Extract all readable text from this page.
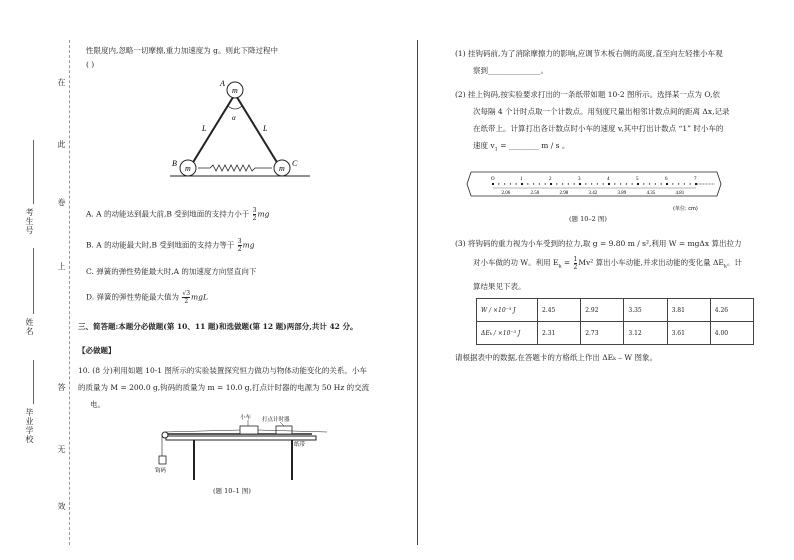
在
此
卷
上
答
无
效
考生号
姓名
毕业学校
性限度内,忽略一切摩擦,重力加速度为 g。则此下降过程中
( )
m
m	m
A
B	C
α
L	L
A. A 的动能达到最大前,B 受到地面的支持力小于 $\frac{3}{2}$ mg
B. A 的动能最大时,B 受到地面的支持力等于 $\frac{3}{2}$ mg
C. 弹簧的弹性势能最大时,A 的加速度方向竖直向下
D. 弹簧的弹性势能最大值为 $\frac{√3}{2}$ mgL
三、简答题:本题分必做题(第 10、11 题)和选做题(第 12 题)两部分,共计 42 分。
【必做题】
10. (8 分)利用如题 10-1 图所示的实验装置探究恒力做功与物体动能变化的关系。小车
的质量为 M = 200.0 g,钩码的质量为 m = 10.0 g,打点计时器的电源为 50 Hz 的交流
电。
小车 打点计时器
纸带
钩码
(题 10–1 图)
(1) 挂钩码前,为了消除摩擦力的影响,应调节木板右侧的高度,直至向左轻推小车观
察到______________。
(2) 挂上钩码,按实验要求打出的一条纸带如题 10-2 图所示。选择某一点为 O,依
次每隔 4 个计时点取一个计数点。用刻度尺量出相邻计数点间的距离 Δx,记录
在纸带上。计算打出各计数点时小车的速度 v,其中打出计数点 “1” 时小车的
速度 $v_1$ = ________ m / s 。
O	1	2	3	4	5	6	7
2.06	2.50	2.98	3.42	3.89	4.35	4.81
(单位: cm)
(题 10–2 图)
(3) 将钩码的重力视为小车受到的拉力,取 g = 9.80 m / s²,利用 W = mgΔx 算出拉力
对小车做的功 W。利用 $E_k = \frac{1}{2} Mv^2$ 算出小车动能,并求出动能的变化量 $\Delta E_k$。计
算结果见下表。
W / ×10⁻³ J	2.45	2.92	3.35	3.81	4.26
ΔEₖ / ×10⁻³ J	2.31	2.73	3.12	3.61	4.00
请根据表中的数据,在答题卡的方格纸上作出 ΔEₖ – W 图象。
